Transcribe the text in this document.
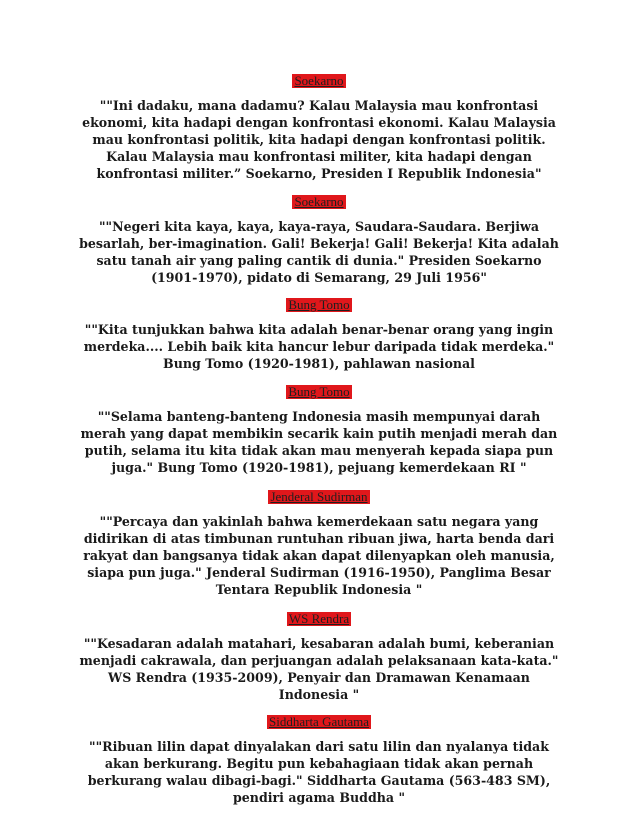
Soekarno

""Ini dadaku, mana dadamu? Kalau Malaysia mau konfrontasi ekonomi, kita hadapi dengan konfrontasi ekonomi. Kalau Malaysia mau konfrontasi politik, kita hadapi dengan konfrontasi politik. Kalau Malaysia mau konfrontasi militer, kita hadapi dengan konfrontasi militer.” Soekarno, Presiden I Republik Indonesia"

Soekarno

""Negeri kita kaya, kaya, kaya-raya, Saudara-Saudara. Berjiwa besarlah, ber-imagination. Gali! Bekerja! Gali! Bekerja! Kita adalah satu tanah air yang paling cantik di dunia." Presiden Soekarno (1901-1970), pidato di Semarang, 29 Juli 1956"

Bung Tomo

""Kita tunjukkan bahwa kita adalah benar-benar orang yang ingin merdeka.... Lebih baik kita hancur lebur daripada tidak merdeka." Bung Tomo (1920-1981), pahlawan nasional

Bung Tomo

""Selama banteng-banteng Indonesia masih mempunyai darah merah yang dapat membikin secarik kain putih menjadi merah dan putih, selama itu kita tidak akan mau menyerah kepada siapa pun juga." Bung Tomo (1920-1981), pejuang kemerdekaan RI "

Jenderal Sudirman

""Percaya dan yakinlah bahwa kemerdekaan satu negara yang didirikan di atas timbunan runtuhan ribuan jiwa, harta benda dari rakyat dan bangsanya tidak akan dapat dilenyapkan oleh manusia, siapa pun juga." Jenderal Sudirman (1916-1950), Panglima Besar Tentara Republik Indonesia "

WS Rendra

""Kesadaran adalah matahari, kesabaran adalah bumi, keberanian menjadi cakrawala, dan perjuangan adalah pelaksanaan kata-kata." WS Rendra (1935-2009), Penyair dan Dramawan Kenamaan Indonesia "

Siddharta Gautama

""Ribuan lilin dapat dinyalakan dari satu lilin dan nyalanya tidak akan berkurang. Begitu pun kebahagiaan tidak akan pernah berkurang walau dibagi-bagi." Siddharta Gautama (563-483 SM), pendiri agama Buddha "
